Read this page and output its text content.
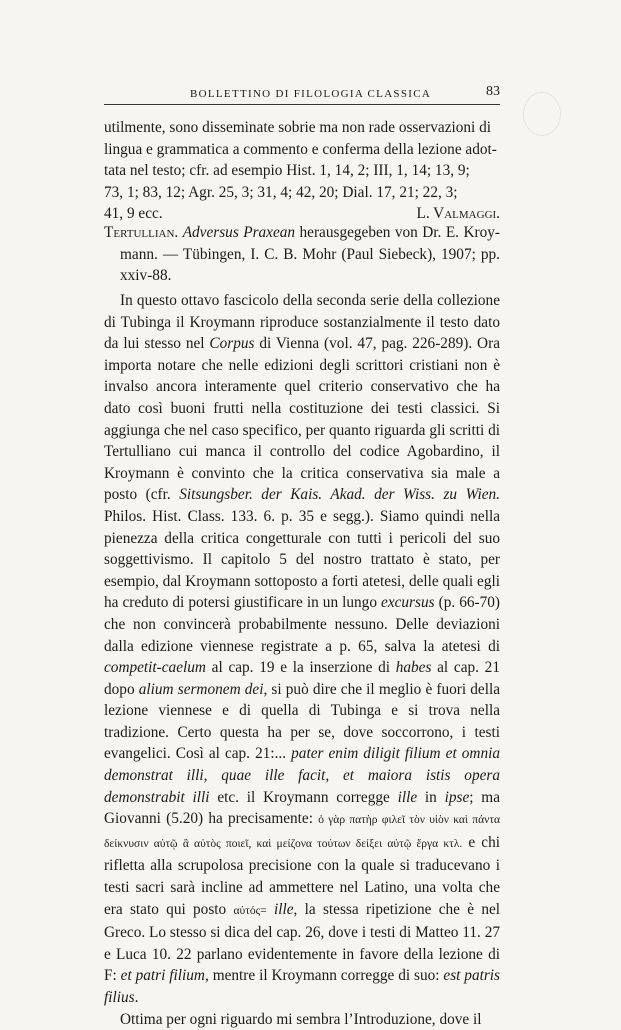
BOLLETTINO DI FILOLOGIA CLASSICA	83

utilmente, sono disseminate sobrie ma non rade osservazioni di

lingua e grammatica a commento e conferma della lezione adot-

tata nel testo; cfr. ad esempio Hist. 1, 14, 2; III, 1, 14; 13, 9;

73, 1; 83, 12; Agr. 25, 3; 31, 4; 42, 20; Dial. 17, 21; 22, 3;

41, 9 ecc.	L. Valmaggi.

Tertullian. Adversus Praxean herausgegeben von Dr. E. Kroy-mann. — Tübingen, I. C. B. Mohr (Paul Siebeck), 1907; pp. xxiv-88.

In questo ottavo fascicolo della seconda serie della collezione di Tubinga il Kroymann riproduce sostanzialmente il testo dato da lui stesso nel Corpus di Vienna (vol. 47, pag. 226-289). Ora importa notare che nelle edizioni degli scrittori cristiani non è invalso ancora interamente quel criterio conservativo che ha dato così buoni frutti nella costituzione dei testi classici. Si aggiunga che nel caso specifico, per quanto riguarda gli scritti di Tertulliano cui manca il controllo del codice Agobardino, il Kroymann è convinto che la critica conservativa sia male a posto (cfr. Sitsungsber. der Kais. Akad. der Wiss. zu Wien. Philos. Hist. Class. 133. 6. p. 35 e segg.). Siamo quindi nella pienezza della critica congetturale con tutti i pericoli del suo soggettivismo. Il capitolo 5 del nostro trattato è stato, per esempio, dal Kroymann sottoposto a forti atetesi, delle quali egli ha creduto di potersi giustificare in un lungo excursus (p. 66-70) che non convincerà probabilmente nessuno. Delle deviazioni dalla edizione viennese registrate a p. 65, salva la atetesi di competit-caelum al cap. 19 e la inserzione di habes al cap. 21 dopo alium sermonem dei, si può dire che il meglio è fuori della lezione viennese e di quella di Tubinga e si trova nella tradizione. Certo questa ha per se, dove soccorrono, i testi evangelici. Così al cap. 21:... pater enim diligit filium et omnia demonstrat illi, quae ille facit, et maiora istis opera demonstrabit illi etc. il Kroymann corregge ille in ipse; ma Giovanni (5.20) ha precisamente: ὁ γὰρ πατὴρ φιλεῖ τὸν υἱὸν καὶ πάντα δείκνυσιν αὐτῷ ἃ αὐτὸς ποιεῖ, καὶ μείζονα τούτων δείξει αὐτῷ ἔργα κτλ. e chi rifletta alla scrupolosa precisione con la quale si traducevano i testi sacri sarà incline ad ammettere nel Latino, una volta che era stato qui posto αὐτός= ille, la stessa ripetizione che è nel Greco. Lo stesso si dica del cap. 26, dove i testi di Matteo 11. 27 e Luca 10. 22 parlano evidentemente in favore della lezione di F: et patri filium, mentre il Kroymann corregge di suo: est patris filius.

Ottima per ogni riguardo mi sembra l’Introduzione, dove il
